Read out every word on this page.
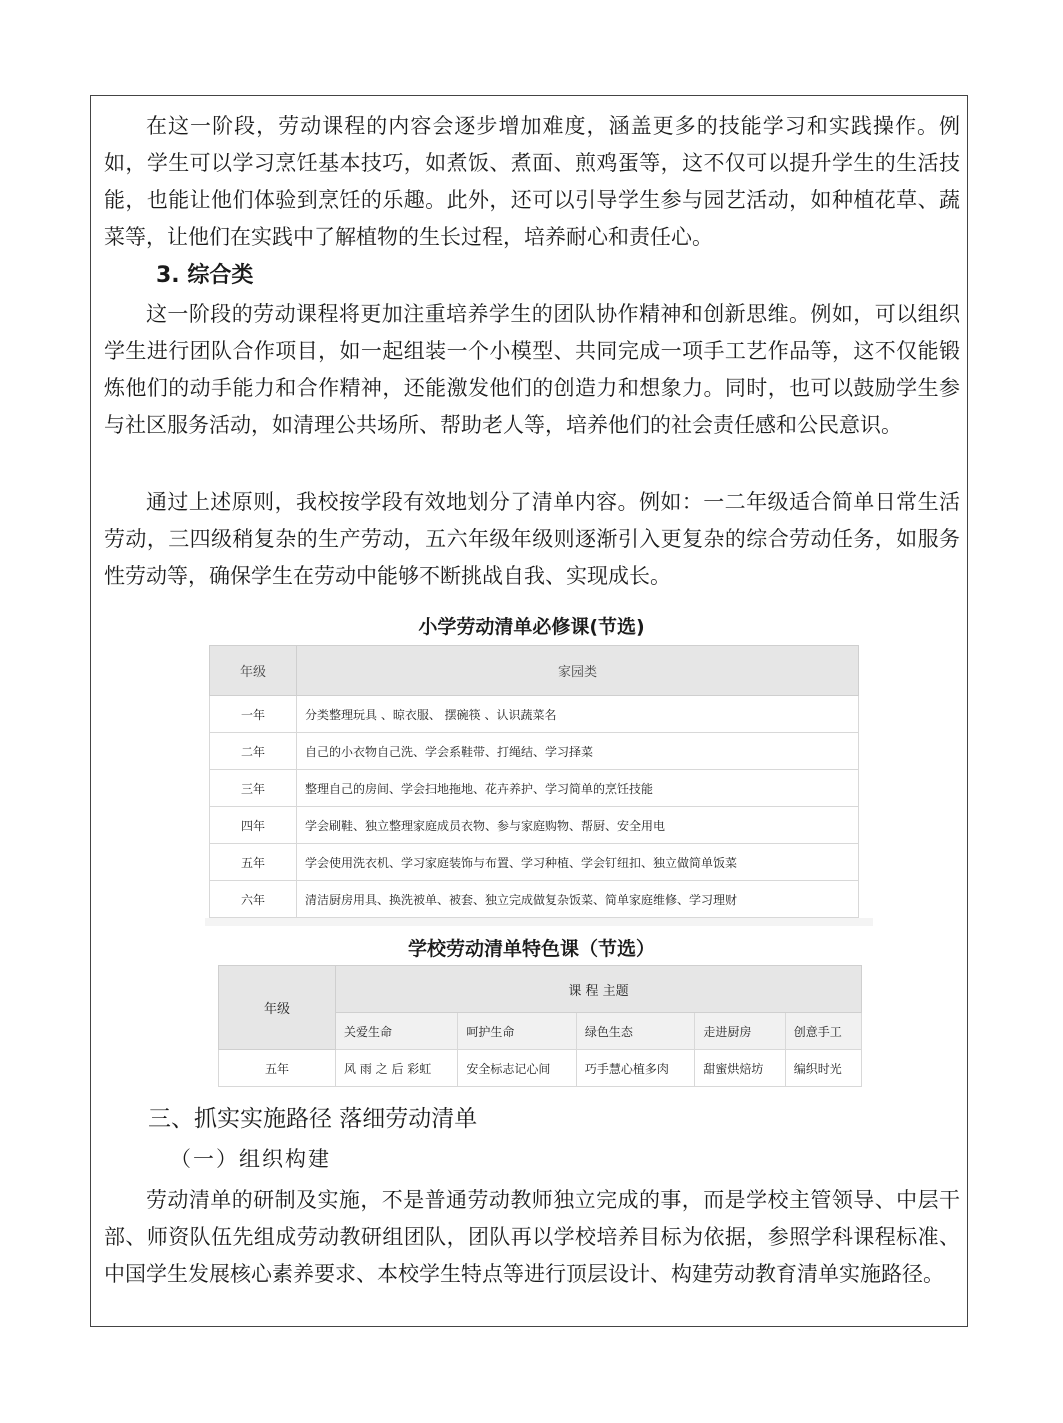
在这一阶段，劳动课程的内容会逐步增加难度，涵盖更多的技能学习和实践操作。例如，学生可以学习烹饪基本技巧，如煮饭、煮面、煎鸡蛋等，这不仅可以提升学生的生活技能，也能让他们体验到烹饪的乐趣。此外，还可以引导学生参与园艺活动，如种植花草、蔬菜等，让他们在实践中了解植物的生长过程，培养耐心和责任心。

3. 综合类

这一阶段的劳动课程将更加注重培养学生的团队协作精神和创新思维。例如，可以组织学生进行团队合作项目，如一起组装一个小模型、共同完成一项手工艺作品等，这不仅能锻炼他们的动手能力和合作精神，还能激发他们的创造力和想象力。同时，也可以鼓励学生参与社区服务活动，如清理公共场所、帮助老人等，培养他们的社会责任感和公民意识。

通过上述原则，我校按学段有效地划分了清单内容。例如：一二年级适合简单日常生活劳动，三四级稍复杂的生产劳动，五六年级年级则逐渐引入更复杂的综合劳动任务，如服务性劳动等，确保学生在劳动中能够不断挑战自我、实现成长。

小学劳动清单必修课(节选)

年级	家园类
一年	分类整理玩具 、晾衣服、 摆碗筷 、认识蔬菜名
二年	自己的小衣物自己洗、学会系鞋带、打绳结、学习择菜
三年	整理自己的房间、学会扫地拖地、花卉养护、学习简单的烹饪技能
四年	学会刷鞋、独立整理家庭成员衣物、参与家庭购物、帮厨、安全用电
五年	学会使用洗衣机、学习家庭装饰与布置、学习种植、学会钉纽扣、独立做简单饭菜
六年	清洁厨房用具、换洗被单、被套、独立完成做复杂饭菜、简单家庭维修、学习理财

学校劳动清单特色课（节选）

年级	课 程 主题				
	关爱生命	呵护生命	绿色生态	走进厨房	创意手工
五年	风 雨 之 后 彩虹	安全标志记心间	巧手慧心植多肉	甜蜜烘焙坊	编织时光

三、抓实实施路径 落细劳动清单

（一）组织构建

劳动清单的研制及实施，不是普通劳动教师独立完成的事，而是学校主管领导、中层干部、师资队伍先组成劳动教研组团队，团队再以学校培养目标为依据，参照学科课程标准、中国学生发展核心素养要求、本校学生特点等进行顶层设计、构建劳动教育清单实施路径。
